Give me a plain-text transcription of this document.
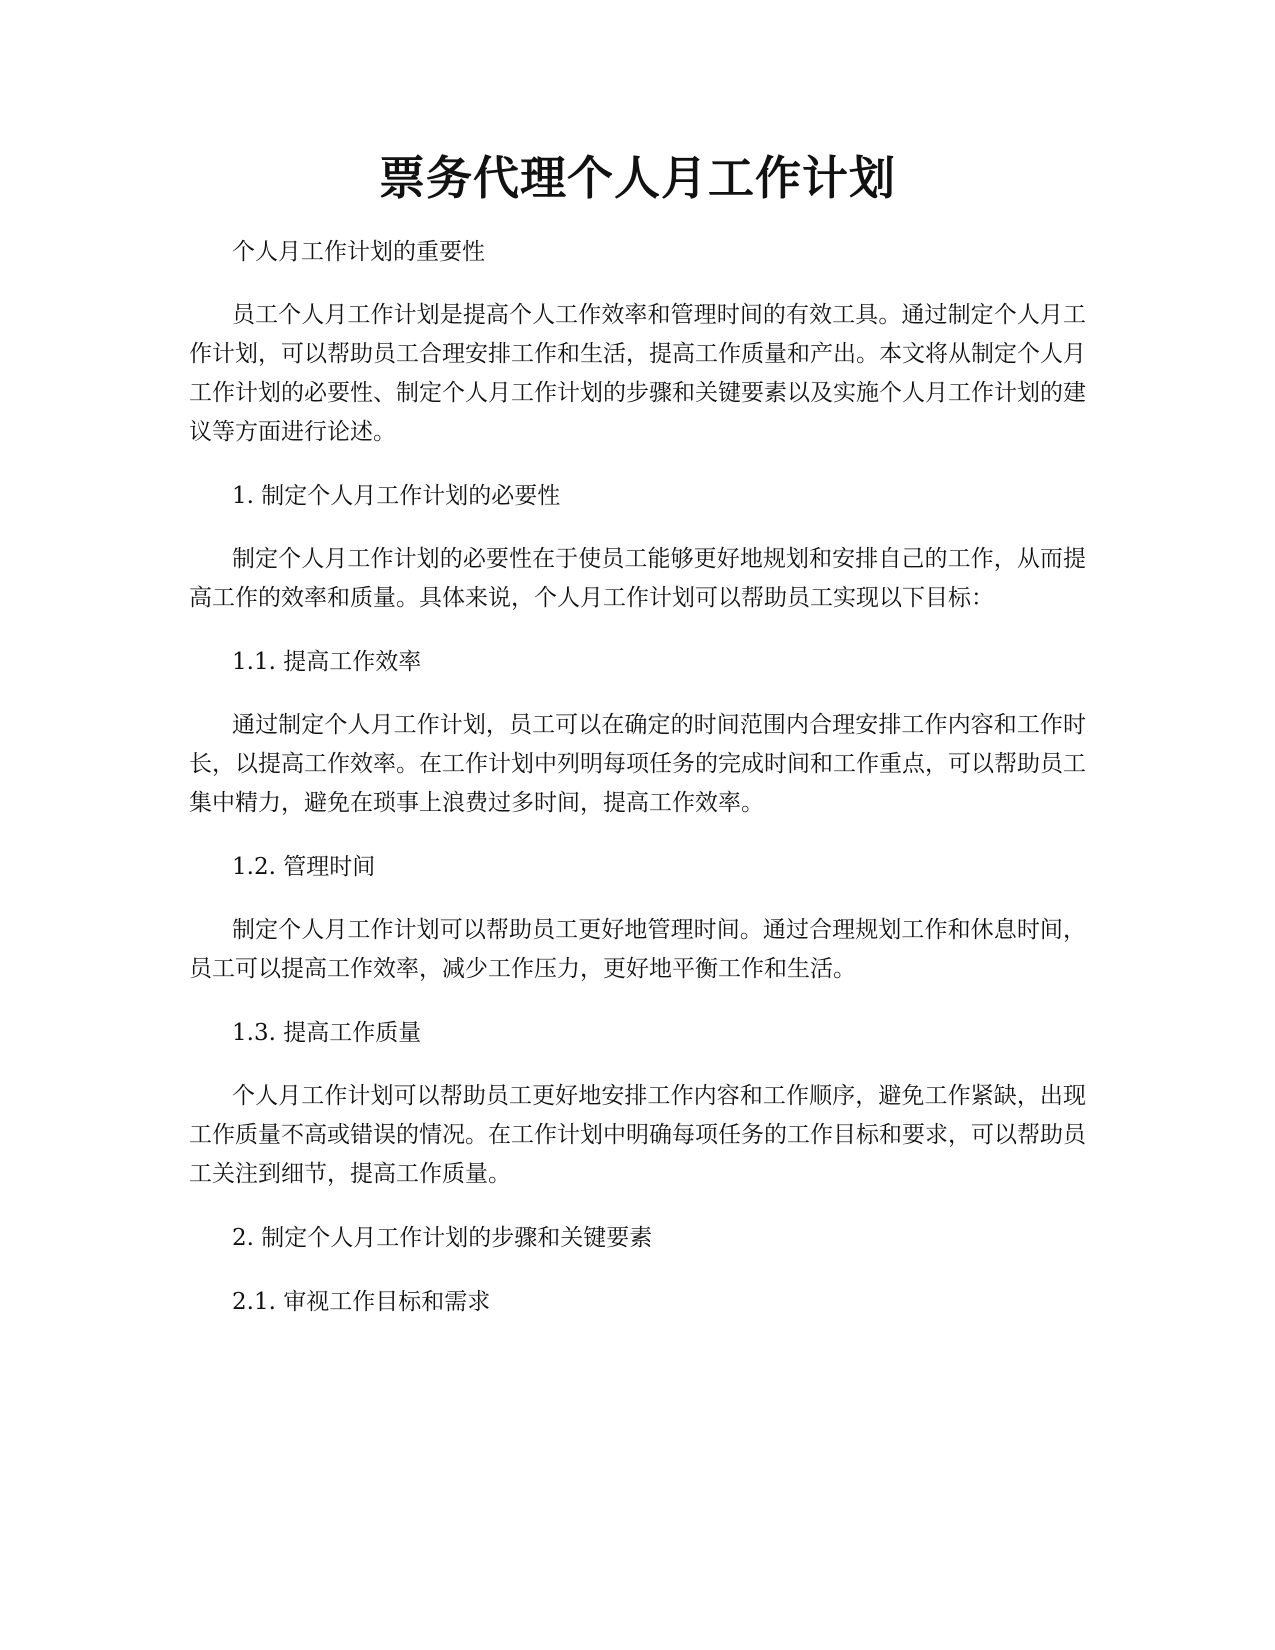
票务代理个人月工作计划

个人月工作计划的重要性

员工个人月工作计划是提高个人工作效率和管理时间的有效工具。通过制定个人月工作计划，可以帮助员工合理安排工作和生活，提高工作质量和产出。本文将从制定个人月工作计划的必要性、制定个人月工作计划的步骤和关键要素以及实施个人月工作计划的建议等方面进行论述。

1. 制定个人月工作计划的必要性

制定个人月工作计划的必要性在于使员工能够更好地规划和安排自己的工作，从而提高工作的效率和质量。具体来说，个人月工作计划可以帮助员工实现以下目标：

1.1. 提高工作效率

通过制定个人月工作计划，员工可以在确定的时间范围内合理安排工作内容和工作时长，以提高工作效率。在工作计划中列明每项任务的完成时间和工作重点，可以帮助员工集中精力，避免在琐事上浪费过多时间，提高工作效率。

1.2. 管理时间

制定个人月工作计划可以帮助员工更好地管理时间。通过合理规划工作和休息时间，员工可以提高工作效率，减少工作压力，更好地平衡工作和生活。

1.3. 提高工作质量

个人月工作计划可以帮助员工更好地安排工作内容和工作顺序，避免工作紧缺，出现工作质量不高或错误的情况。在工作计划中明确每项任务的工作目标和要求，可以帮助员工关注到细节，提高工作质量。

2. 制定个人月工作计划的步骤和关键要素

2.1. 审视工作目标和需求
